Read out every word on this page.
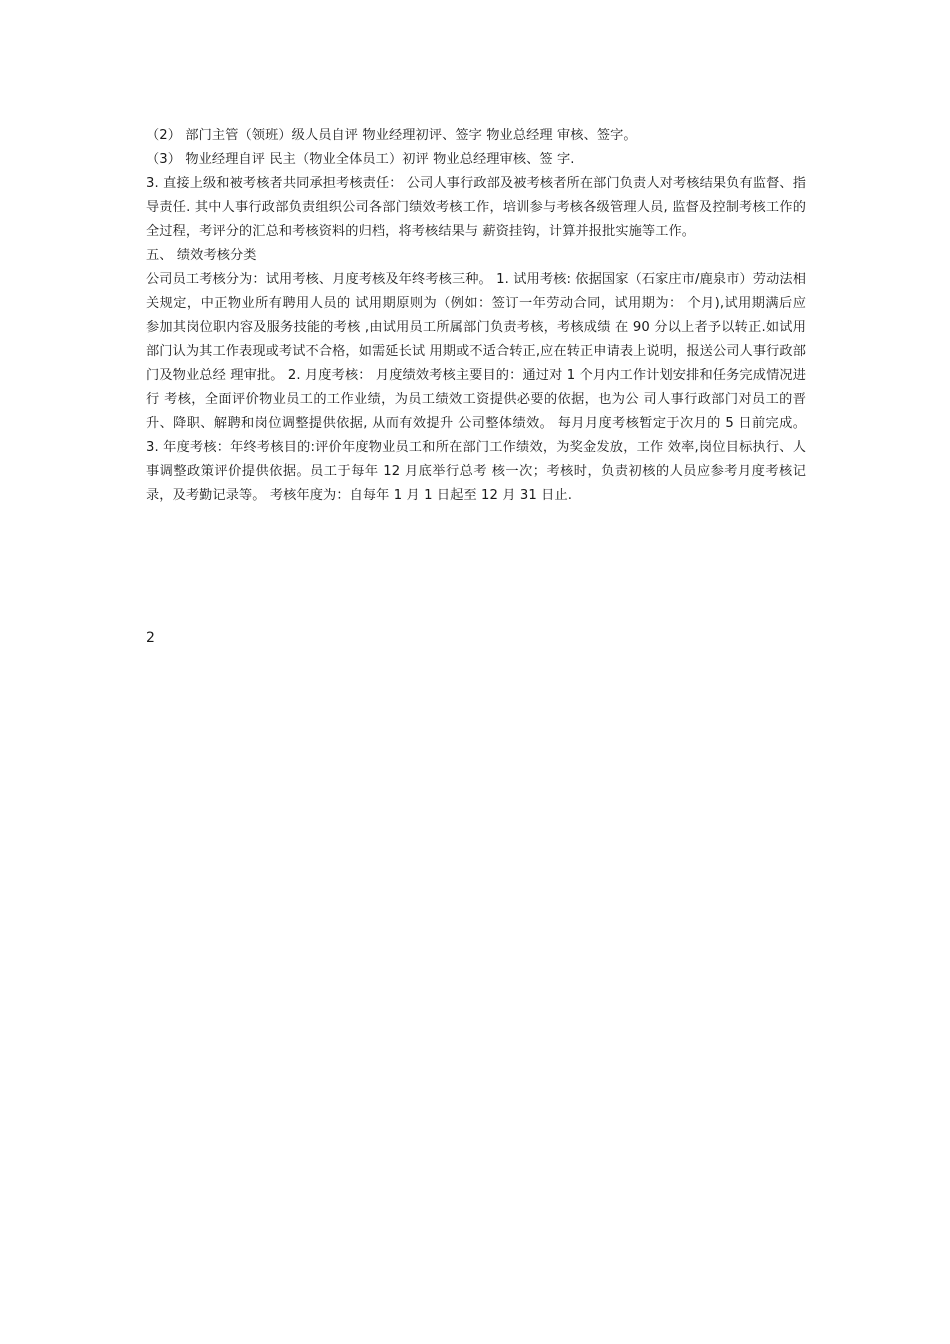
（2） 部门主管（领班）级人员自评 物业经理初评、签字 物业总经理 审核、签字。

（3） 物业经理自评 民主（物业全体员工）初评 物业总经理审核、签 字.

3. 直接上级和被考核者共同承担考核责任： 公司人事行政部及被考核者所在部门负责人对考核结果负有监督、指导责任. 其中人事行政部负责组织公司各部门绩效考核工作，培训参与考核各级管理人员, 监督及控制考核工作的全过程，考评分的汇总和考核资料的归档，将考核结果与 薪资挂钩，计算并报批实施等工作。

五、 绩效考核分类

公司员工考核分为：试用考核、月度考核及年终考核三种。 1. 试用考核: 依据国家（石家庄市/鹿泉市）劳动法相关规定，中正物业所有聘用人员的 试用期原则为（例如：签订一年劳动合同，试用期为： 个月),试用期满后应 参加其岗位职内容及服务技能的考核 ,由试用员工所属部门负责考核，考核成绩 在 90 分以上者予以转正.如试用部门认为其工作表现或考试不合格，如需延长试 用期或不适合转正,应在转正申请表上说明，报送公司人事行政部门及物业总经 理审批。 2. 月度考核： 月度绩效考核主要目的：通过对 1 个月内工作计划安排和任务完成情况进行 考核，全面评价物业员工的工作业绩，为员工绩效工资提供必要的依据，也为公 司人事行政部门对员工的晋升、降职、解聘和岗位调整提供依据, 从而有效提升 公司整体绩效。 每月月度考核暂定于次月的 5 日前完成。 3. 年度考核：年终考核目的:评价年度物业员工和所在部门工作绩效，为奖金发放，工作 效率,岗位目标执行、人事调整政策评价提供依据。员工于每年 12 月底举行总考 核一次；考核时，负责初核的人员应参考月度考核记录，及考勤记录等。 考核年度为：自每年 1 月 1 日起至 12 月 31 日止.

2
